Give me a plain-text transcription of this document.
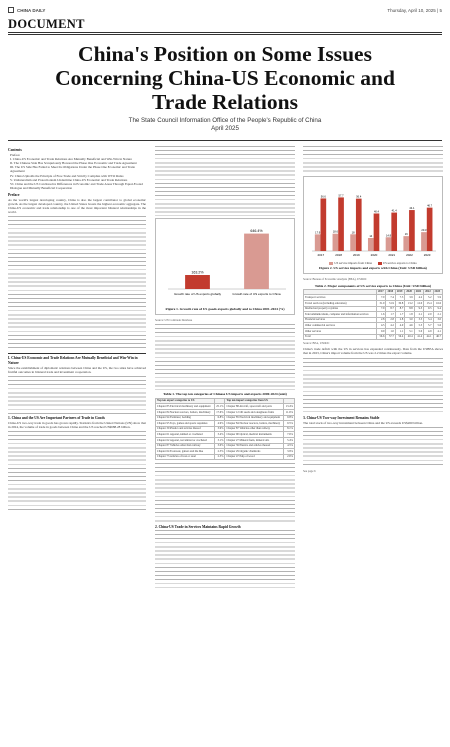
CHINA DAILY	Thursday, April 10, 2025 | 5
DOCUMENT
China's Position on Some Issues Concerning China-US Economic and Trade Relations
The State Council Information Office of the People's Republic of China
April 2025
Contents
Preface
I. China-US Economic and Trade Relations Are Mutually Beneficial and Win-Win in Nature
II. The Chinese Side Has Scrupulously Honored the Phase One Economic and Trade Agreement
III. The US Side Has Failed to Meet Its Obligations Under the Phase One Economic and Trade Agreement
IV. China Upholds the Principle of Free Trade and Strictly Complies with WTO Rules
V. Unilateralism and Protectionism Undermine China-US Economic and Trade Relations
VI. China and the US Can Resolve Differences in Economic and Trade Areas Through Equal-Footed Dialogue and Mutually Beneficial Cooperation
Preface

As the world's largest developing country, China is also the largest contributor to global economic growth. As the largest developed country, the United States boasts the highest economic aggregate. The China-US economic and trade relationship is one of the most important bilateral relationships in the world.

I. China-US Economic and Trade Relations Are Mutually Beneficial and Win-Win in Nature

Since the establishment of diplomatic relations between China and the US, the two sides have achieved fruitful outcomes in bilateral trade and investment cooperation.

1. China and the US Are Important Partners of Trade in Goods

China-US two-way trade in goods has grown rapidly. Statistics from the United Nations (UN) show that in 2024, the volume of trade in goods between China and the US reached US$688.28 billion.

163.2%
Growth rate of US exports globally
646.4%
Growth rate of US exports to China
Figure 1. Growth rate of US goods exports globally and to China 2001-2024 (%)
Source: UN Comtrade Database
Table 1. The top ten categories of Chinese US imports and exports 2000-2024 (unit)
Top ten export categories to US		Top ten import categories from US	
Chapter 85 Electrical machinery and equipment	25.1%	Chapter 88 Aircraft, spacecraft and parts	13.4%
Chapter 84 Nuclear reactors, boilers, machinery	17.6%	Chapter 12 Oil seeds and oleaginous fruits	11.6%
Chapter 94 Furniture; bedding	6.8%	Chapter 85 Electrical machinery and equipment	9.8%
Chapter 95 Toys, games and sports requisites	4.9%	Chapter 84 Nuclear reactors, boilers, machinery	9.5%
Chapter 39 Plastics and articles thereof	3.9%	Chapter 87 Vehicles other than railway	8.1%
Chapter 61 Apparel, knitted or crocheted	3.4%	Chapter 90 Optical, medical instruments	7.6%
Chapter 62 Apparel, not knitted or crocheted	3.1%	Chapter 27 Mineral fuels, mineral oils	5.4%
Chapter 87 Vehicles other than railway	3.0%	Chapter 39 Plastics and articles thereof	4.5%
Chapter 64 Footwear, gaiters and the like	2.5%	Chapter 29 Organic chemicals	3.9%
Chapter 73 Articles of iron or steel	2.3%	Chapter 47 Pulp of wood	2.6%
2. China-US Trade in Services Maintains Rapid Growth
17.9
56.6
2017
18.6
57.7
2018
18
56.4
2019
14
40.4
2020
14.8
41.4
2021
16
44.1
2022
20.3
46.7
2023
US service imports from China	US service exports to China
Figure 2. US service imports and exports with China (Unit: USD billion)
Source: Bureau of Economic Analysis (BEA), USDOC
Table 2. Major components of US service exports to China (Unit: USD billion)
	2017	2018	2019	2020	2021	2022	2023
Transport services	7.0	7.4	7.3	3.9	4.2	5.2	5.9
Travel services (including education)	31.9	31.9	30.8	13.2	12.0	13.4	16.6
Intellectual property royalties	7.9	8.7	8.7	8.8	9.3	9.5	9.4
Telecommunications, computer and information services	1.6	1.7	1.7	1.8	2.1	2.0	2.1
Financial services	2.8	2.8	2.8	3.0	3.5	3.4	3.0
Other commercial services	4.5	4.2	4.0	4.6	5.3	5.7	5.6
Other services	0.9	1.0	1.1	5.1	5.0	4.9	4.1
Total	56.6	57.7	56.4	40.4	41.4	44.1	46.7
Source: BEA, USDOC

China's trade deficit with the US in services has expanded continuously. Data from the USBEA shows that in 2023, China's import volume from the US was 2.2 times the export volume.

3. China-US Two-way Investment Remains Stable

The total stock of two-way investment between China and the US exceeds US$260 billion.

See page 6
